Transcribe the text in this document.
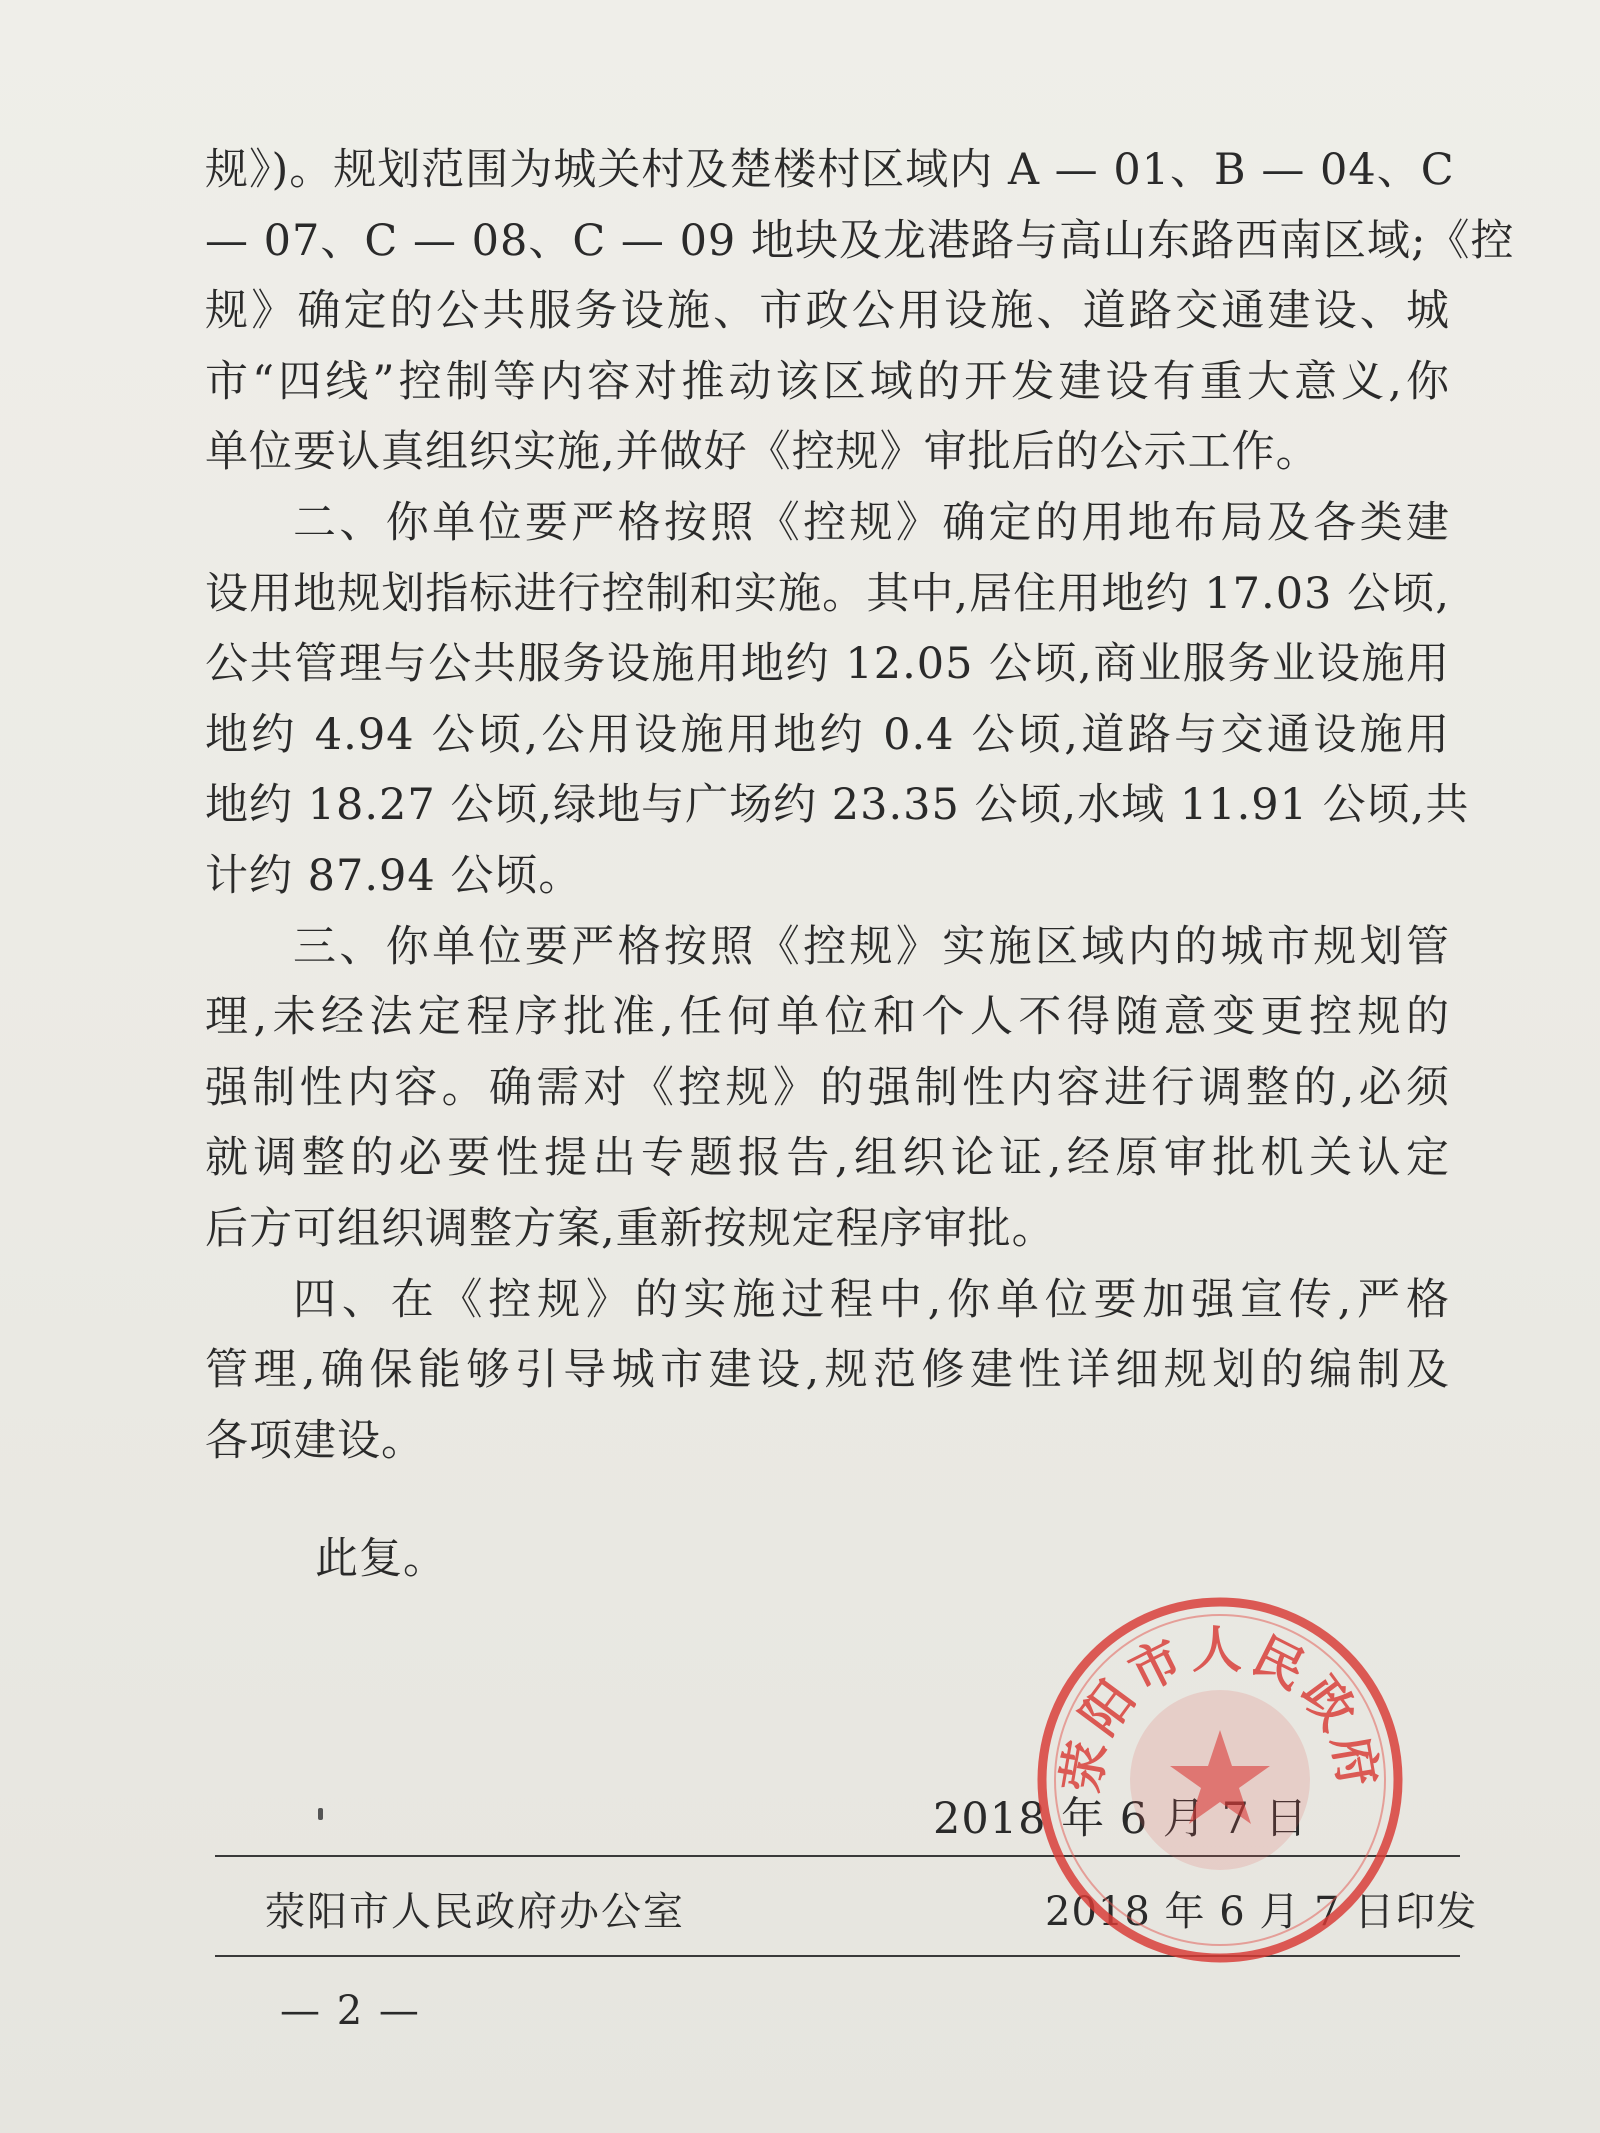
规》)。规划范围为城关村及楚楼村区域内 A — 01、B — 04、C
— 07、C — 08、C — 09 地块及龙港路与高山东路西南区域;《控
规》确定的公共服务设施、市政公用设施、道路交通建设、城
市“四线”控制等内容对推动该区域的开发建设有重大意义,你
单位要认真组织实施,并做好《控规》审批后的公示工作。
二、你单位要严格按照《控规》确定的用地布局及各类建
设用地规划指标进行控制和实施。其中,居住用地约 17.03 公顷,
公共管理与公共服务设施用地约 12.05 公顷,商业服务业设施用
地约 4.94 公顷,公用设施用地约 0.4 公顷,道路与交通设施用
地约 18.27 公顷,绿地与广场约 23.35 公顷,水域 11.91 公顷,共
计约 87.94 公顷。
三、你单位要严格按照《控规》实施区域内的城市规划管
理,未经法定程序批准,任何单位和个人不得随意变更控规的
强制性内容。确需对《控规》的强制性内容进行调整的,必须
就调整的必要性提出专题报告,组织论证,经原审批机关认定
后方可组织调整方案,重新按规定程序审批。
四、在《控规》的实施过程中,你单位要加强宣传,严格
管理,确保能够引导城市建设,规范修建性详细规划的编制及
各项建设。
此复。
2018 年 6 月 7 日
荥阳市人民政府办公室	2018 年 6 月 7 日印发
— 2 —
荥阳市人民政府
